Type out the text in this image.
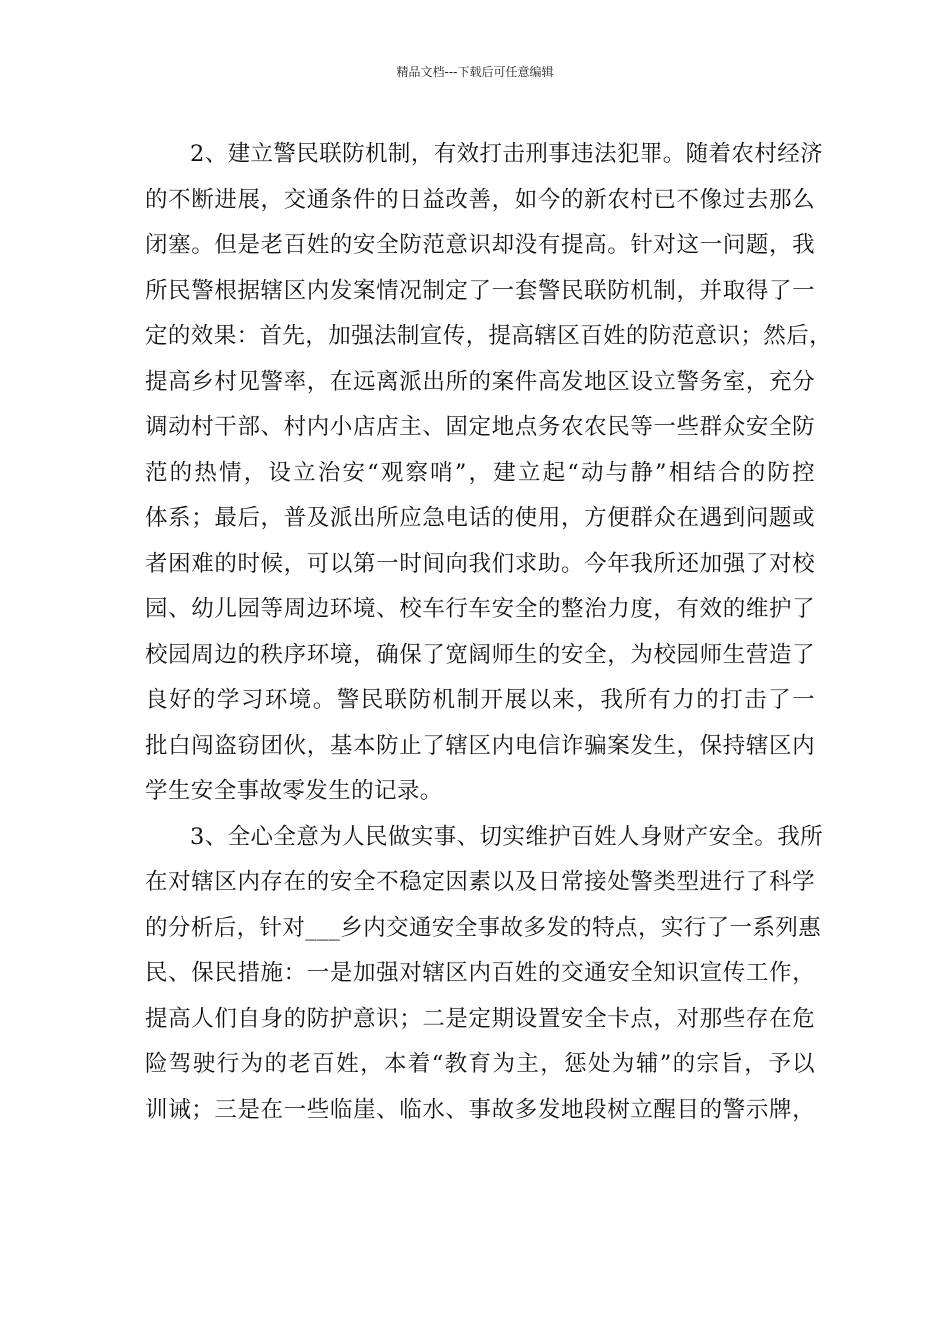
精品文档---下载后可任意编辑

2、建立警民联防机制，有效打击刑事违法犯罪。随着农村经济
的不断进展，交通条件的日益改善，如今的新农村已不像过去那么
闭塞。但是老百姓的安全防范意识却没有提高。针对这一问题，我
所民警根据辖区内发案情况制定了一套警民联防机制，并取得了一
定的效果：首先，加强法制宣传，提高辖区百姓的防范意识；然后，
提高乡村见警率，在远离派出所的案件高发地区设立警务室，充分
调动村干部、村内小店店主、固定地点务农农民等一些群众安全防
范的热情，设立治安“观察哨”，建立起“动与静”相结合的防控
体系；最后，普及派出所应急电话的使用，方便群众在遇到问题或
者困难的时候，可以第一时间向我们求助。今年我所还加强了对校
园、幼儿园等周边环境、校车行车安全的整治力度，有效的维护了
校园周边的秩序环境，确保了宽阔师生的安全，为校园师生营造了
良好的学习环境。警民联防机制开展以来，我所有力的打击了一
批白闯盗窃团伙，基本防止了辖区内电信诈骗案发生，保持辖区内
学生安全事故零发生的记录。

3、全心全意为人民做实事、切实维护百姓人身财产安全。我所
在对辖区内存在的安全不稳定因素以及日常接处警类型进行了科学
的分析后，针对___乡内交通安全事故多发的特点，实行了一系列惠
民、保民措施：一是加强对辖区内百姓的交通安全知识宣传工作，
提高人们自身的防护意识；二是定期设置安全卡点，对那些存在危
险驾驶行为的老百姓，本着“教育为主，惩处为辅”的宗旨，予以
训诫；三是在一些临崖、临水、事故多发地段树立醒目的警示牌，
